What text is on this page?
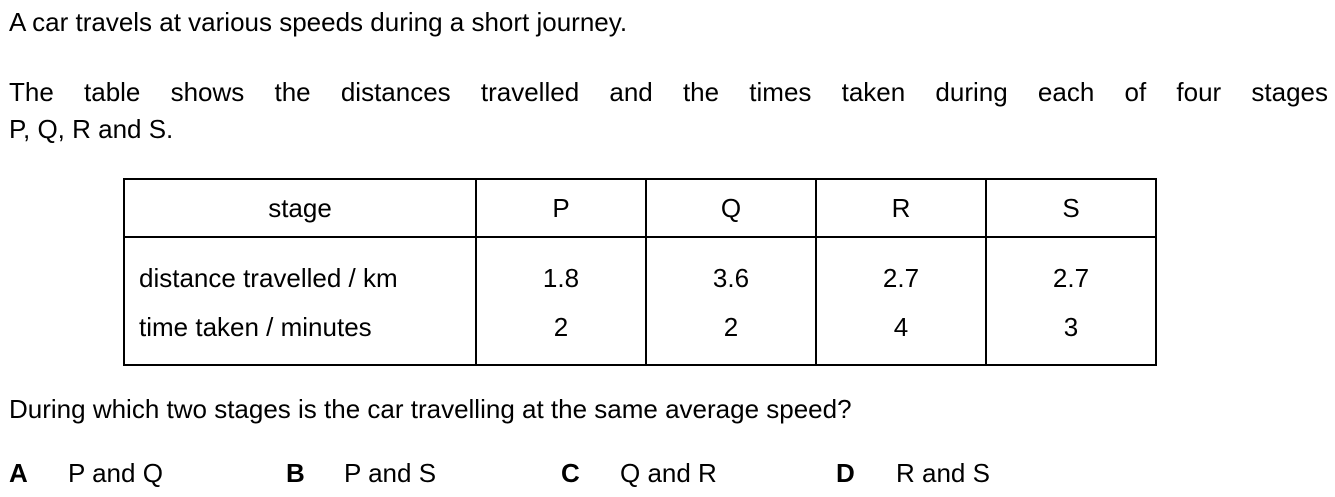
A car travels at various speeds during a short journey.
The table shows the distances travelled and the times taken during each of four stages
P, Q, R and S.
stage	P	Q	R	S
distance travelled / km	1.8	3.6	2.7	2.7
time taken / minutes	2	2	4	3
During which two stages is the car travelling at the same average speed?
A P and Q	B P and S	C Q and R	D R and S
